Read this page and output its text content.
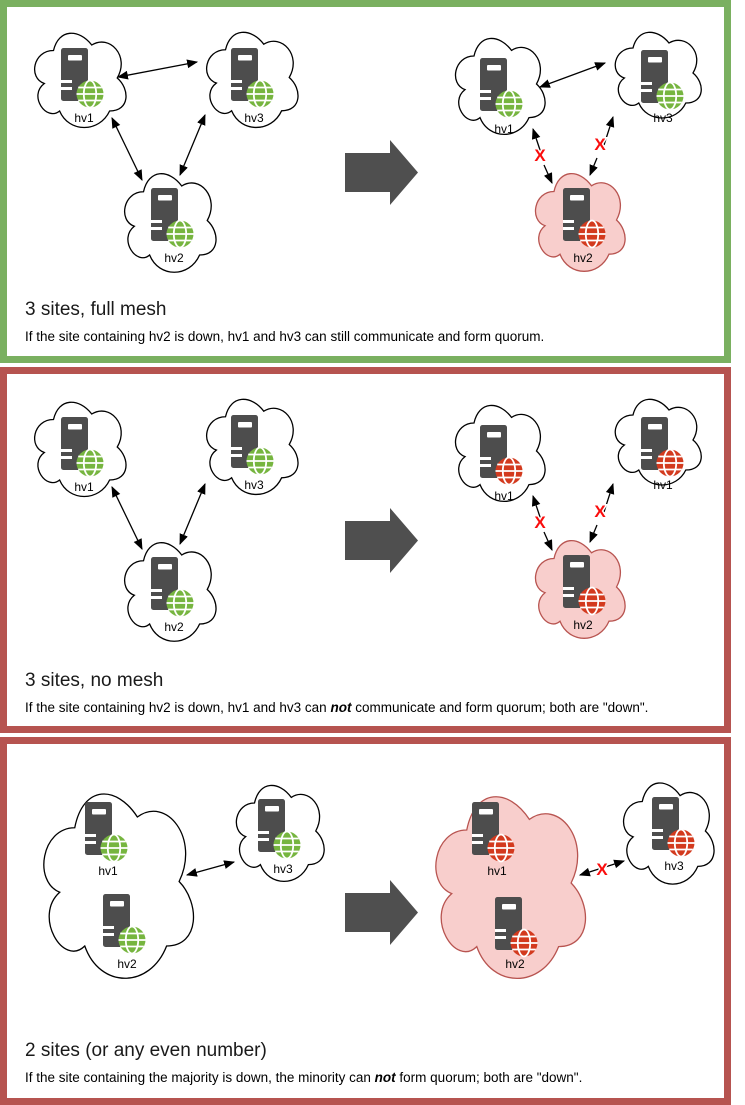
hv1	hv3
hv2
hv1
hv3
hv2
X
X
3 sites, full mesh
If the site containing hv2 is down, hv1 and hv3 can still communicate and form quorum.
hv1	hv3
hv2
hv1
hv1
hv2
X
X
3 sites, no mesh
If the site containing hv2 is down, hv1 and hv3 can not communicate and form quorum; both are "down".
hv1
hv2
hv3	hv1
hv2
hv3
X
2 sites (or any even number)
If the site containing the majority is down, the minority can not form quorum; both are "down".
